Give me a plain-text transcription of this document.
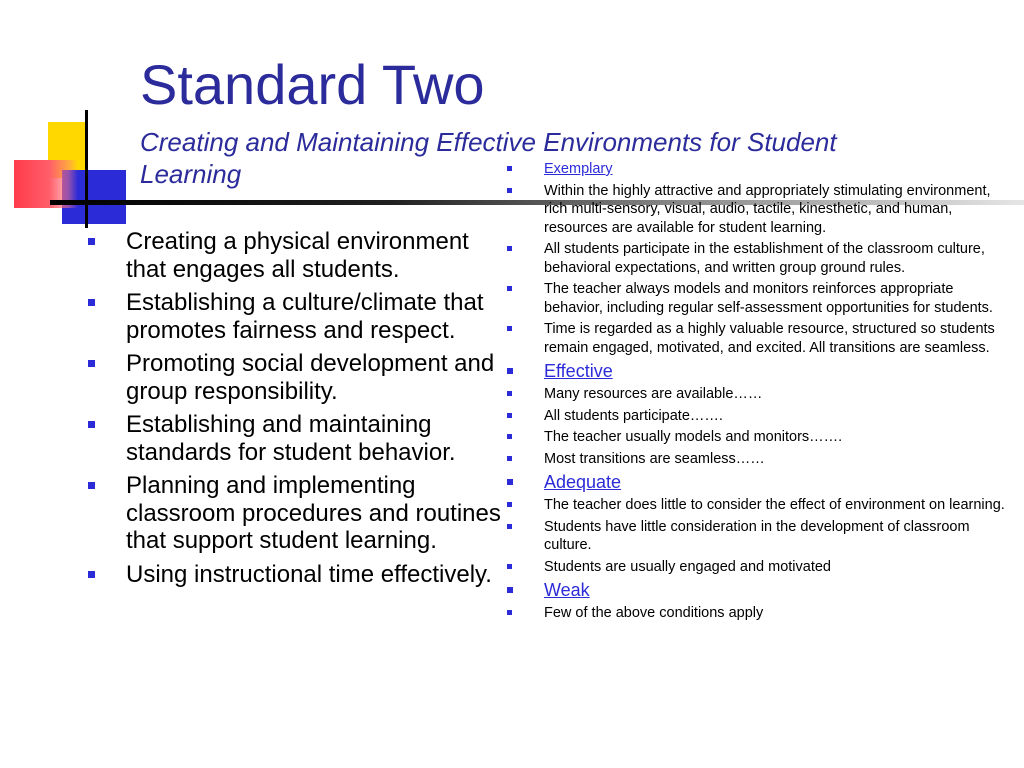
Standard Two
Creating and Maintaining Effective Environments for Student Learning
Creating a physical environment that engages all students.
Establishing a culture/climate that promotes fairness and respect.
Promoting social development and group responsibility.
Establishing and maintaining standards for student behavior.
Planning and implementing classroom procedures and routines that support student learning.
Using instructional time effectively.
Exemplary
Within the highly attractive and appropriately stimulating environment, rich multi-sensory, visual, audio, tactile, kinesthetic, and human, resources are available for student learning.
All students participate in the establishment of the classroom culture, behavioral expectations, and written group ground rules.
The teacher always models and monitors reinforces appropriate behavior, including regular self-assessment opportunities for students.
Time is regarded as a highly valuable resource, structured so students remain engaged, motivated, and excited. All transitions are seamless.
Effective
Many resources are available……
All students participate…….
The teacher usually models and monitors…….
Most transitions are seamless……
Adequate
The teacher does little to consider the effect of environment on learning.
Students have little consideration in the development of classroom culture.
Students are usually engaged and motivated
Weak
Few of the above conditions apply
